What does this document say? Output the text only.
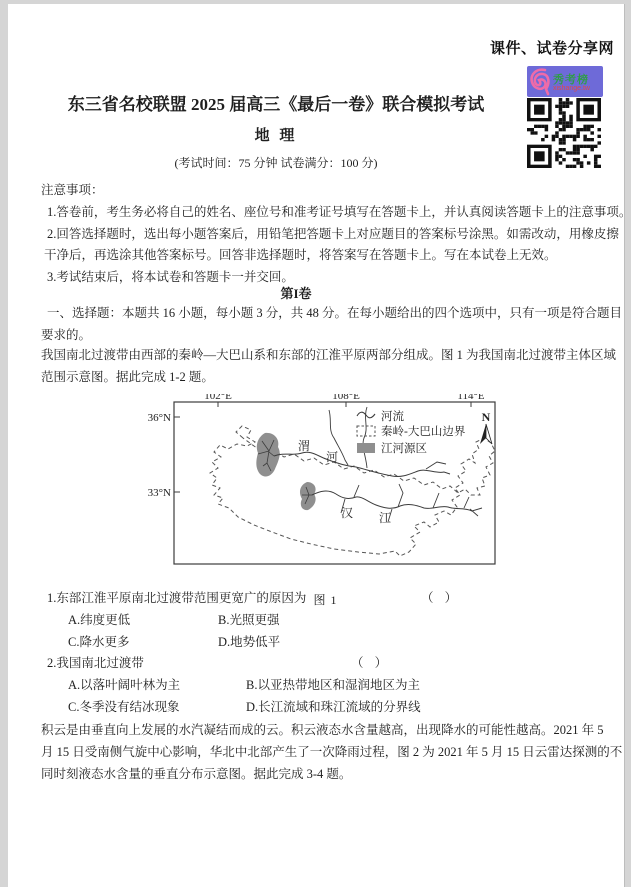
课件、试卷分享网
秀考榜
xishange.tw
东三省名校联盟 2025 届高三《最后一卷》联合模拟考试
地 理
(考试时间：75 分钟 试卷满分：100 分)
注意事项：
1.答卷前，考生务必将自己的姓名、座位号和准考证号填写在答题卡上，并认真阅读答题卡上的注意事项。
2.回答选择题时，选出每小题答案后，用铅笔把答题卡上对应题目的答案标号涂黑。如需改动，用橡皮擦
干净后，再选涂其他答案标号。回答非选择题时，将答案写在答题卡上。写在本试卷上无效。
3.考试结束后，将本试卷和答题卡一并交回。
第I卷
一、选择题：本题共 16 小题，每小题 3 分，共 48 分。在每小题给出的四个选项中，只有一项是符合题目
要求的。
我国南北过渡带由西部的秦岭—大巴山系和东部的江淮平原两部分组成。图 1 为我国南北过渡带主体区域
范围示意图。据此完成 1-2 题。
102°E	108°E	114°E
36°N
33°N
渭
河
汉 江
河流
秦岭-大巴山边界
江河源区
N
图 1
1.东部江淮平原南北过渡带范围更宽广的原因为	（ ）
A.纬度更低	B.光照更强
C.降水更多	D.地势低平
2.我国南北过渡带	（ ）
A.以落叶阔叶林为主	B.以亚热带地区和湿润地区为主
C.冬季没有结冰现象	D.长江流域和珠江流域的分界线
积云是由垂直向上发展的水汽凝结而成的云。积云液态水含量越高，出现降水的可能性越高。2021 年 5
月 15 日受南侧气旋中心影响，华北中北部产生了一次降雨过程，图 2 为 2021 年 5 月 15 日云雷达探测的不
同时刻液态水含量的垂直分布示意图。据此完成 3-4 题。
